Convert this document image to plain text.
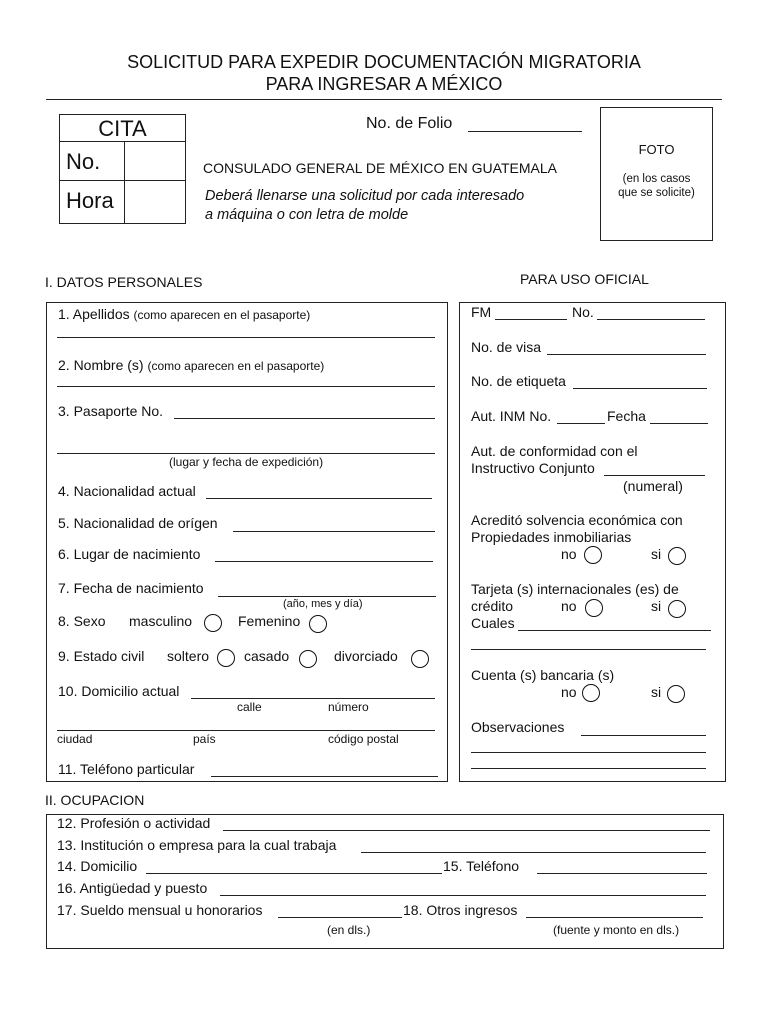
SOLICITUD PARA EXPEDIR DOCUMENTACIÓN MIGRATORIA
PARA INGRESAR A MÉXICO
CITA
No.
Hora
No. de Folio
CONSULADO GENERAL DE MÉXICO EN GUATEMALA
Deberá llenarse una solicitud por cada interesado
a máquina o con letra de molde
FOTO
(en los casos
que se solicite)
I. DATOS PERSONALES	PARA USO OFICIAL
1. Apellidos (como aparecen en el pasaporte)
2. Nombre (s) (como aparecen en el pasaporte)
3. Pasaporte No.
(lugar y fecha de expedición)
4. Nacionalidad actual
5. Nacionalidad de orígen
6. Lugar de nacimiento
7. Fecha de nacimiento
(año, mes y día)
8. Sexo masculino	Femenino
9. Estado civil soltero casado	divorciado
10. Domicilio actual
calle	número
ciudad	país	código postal
11. Teléfono particular
FM	No.
No. de visa
No. de etiqueta
Aut. INM No.	Fecha
Aut. de conformidad con el
Instructivo Conjunto
(numeral)
Acreditó solvencia económica con
Propiedades inmobiliarias
no	si
Tarjeta (s) internacionales (es) de
crédito	no	si
Cuales
Cuenta (s) bancaria (s)
no	si
Observaciones
II. OCUPACION
12. Profesión o actividad
13. Institución o empresa para la cual trabaja
14. Domicilio	15. Teléfono
16. Antigüedad y puesto
17. Sueldo mensual u honorarios	18. Otros ingresos
(en dls.)	(fuente y monto en dls.)
